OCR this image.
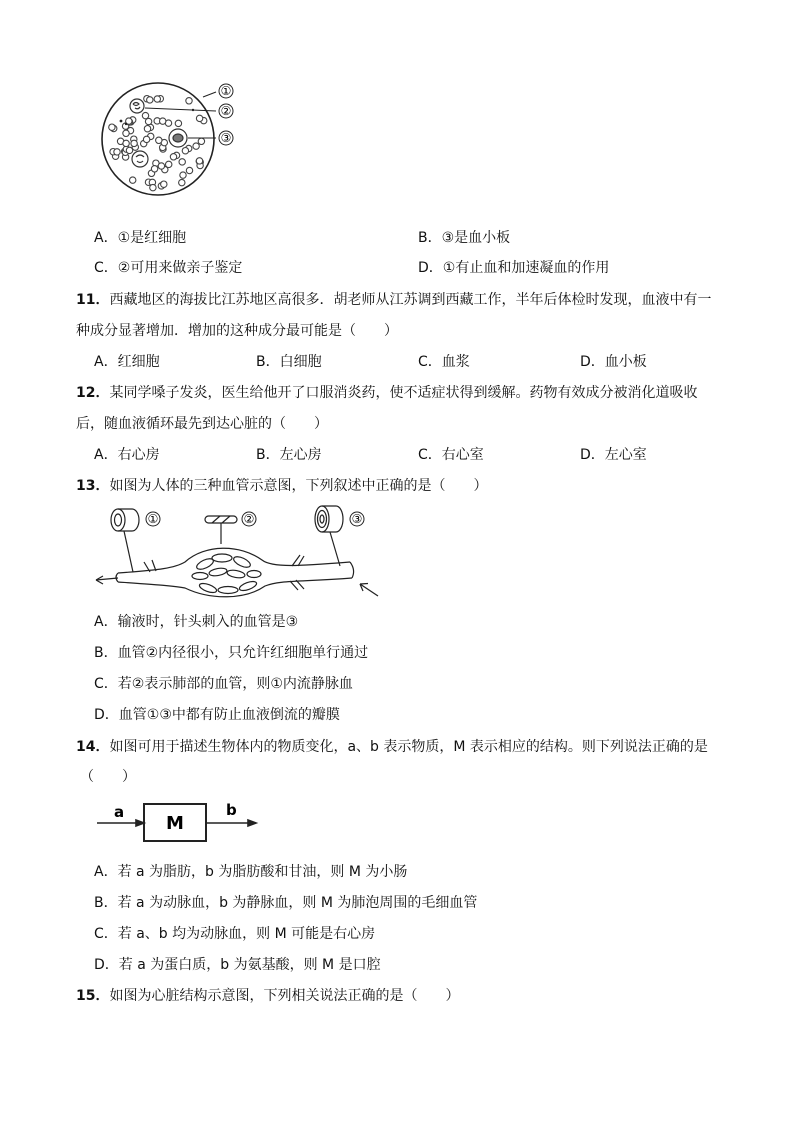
①
②
③
A．①是红细胞	B．③是血小板
C．②可用来做亲子鉴定	D．①有止血和加速凝血的作用
11．西藏地区的海拔比江苏地区高很多．胡老师从江苏调到西藏工作，半年后体检时发现，血液中有一
种成分显著增加．增加的这种成分最可能是（　　）
A．红细胞	B．白细胞	C．血浆	D．血小板
12．某同学嗓子发炎，医生给他开了口服消炎药，使不适症状得到缓解。药物有效成分被消化道吸收
后，随血液循环最先到达心脏的（　　）
A．右心房	B．左心房	C．右心室	D．左心室
13．如图为人体的三种血管示意图，下列叙述中正确的是（　　）
①	②	③
A．输液时，针头刺入的血管是③
B．血管②内径很小，只允许红细胞单行通过
C．若②表示肺部的血管，则①内流静脉血
D．血管①③中都有防止血液倒流的瓣膜
14．如图可用于描述生物体内的物质变化，a、b 表示物质，M 表示相应的结构。则下列说法正确的是
（　　）
a
M
b
A．若 a 为脂肪，b 为脂肪酸和甘油，则 M 为小肠
B．若 a 为动脉血，b 为静脉血，则 M 为肺泡周围的毛细血管
C．若 a、b 均为动脉血，则 M 可能是右心房
D．若 a 为蛋白质，b 为氨基酸，则 M 是口腔
15．如图为心脏结构示意图，下列相关说法正确的是（　　）
